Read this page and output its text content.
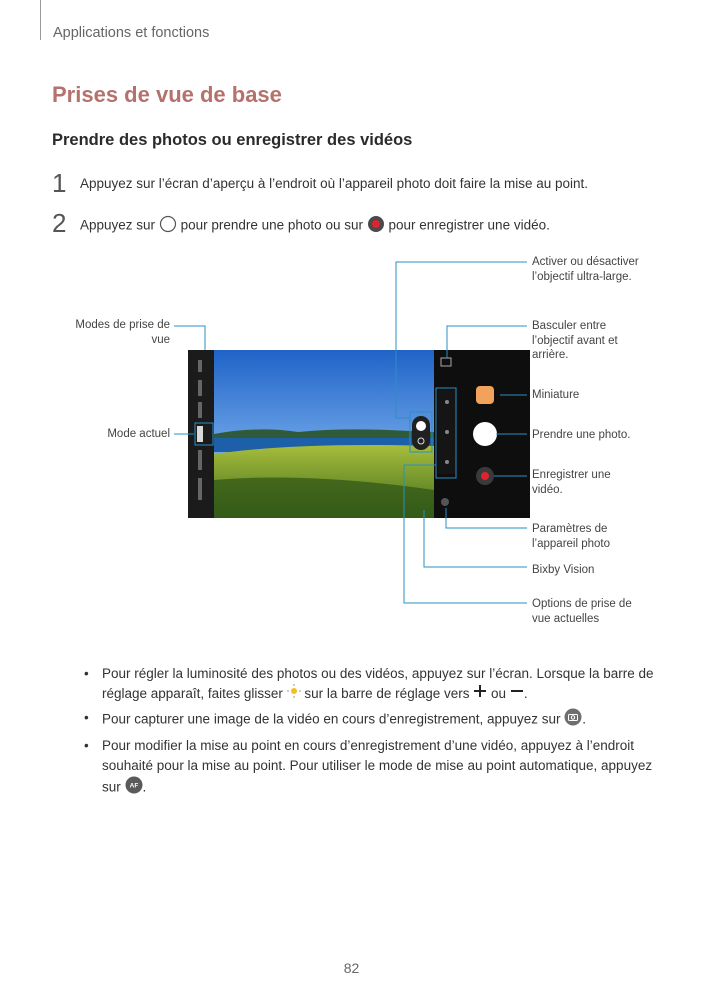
Applications et fonctions
Prises de vue de base
Prendre des photos ou enregistrer des vidéos
1 Appuyez sur l’écran d’aperçu à l’endroit où l’appareil photo doit faire la mise au point.
2 Appuyez sur pour prendre une photo ou sur pour enregistrer une vidéo.
Modes de prise de vue
Mode actuel
Activer ou désactiver l’objectif ultra-large.
Basculer entre l’objectif avant et arrière.
Miniature
Prendre une photo.
Enregistrer une vidéo.
Paramètres de l’appareil photo
Bixby Vision
Options de prise de vue actuelles
• Pour régler la luminosité des photos ou des vidéos, appuyez sur l’écran. Lorsque la barre de réglage apparaît, faites glisser sur la barre de réglage vers ou .
• Pour capturer une image de la vidéo en cours d’enregistrement, appuyez sur .
• Pour modifier la mise au point en cours d’enregistrement d’une vidéo, appuyez à l’endroit souhaité pour la mise au point. Pour utiliser le mode de mise au point automatique, appuyez sur AF .
82
